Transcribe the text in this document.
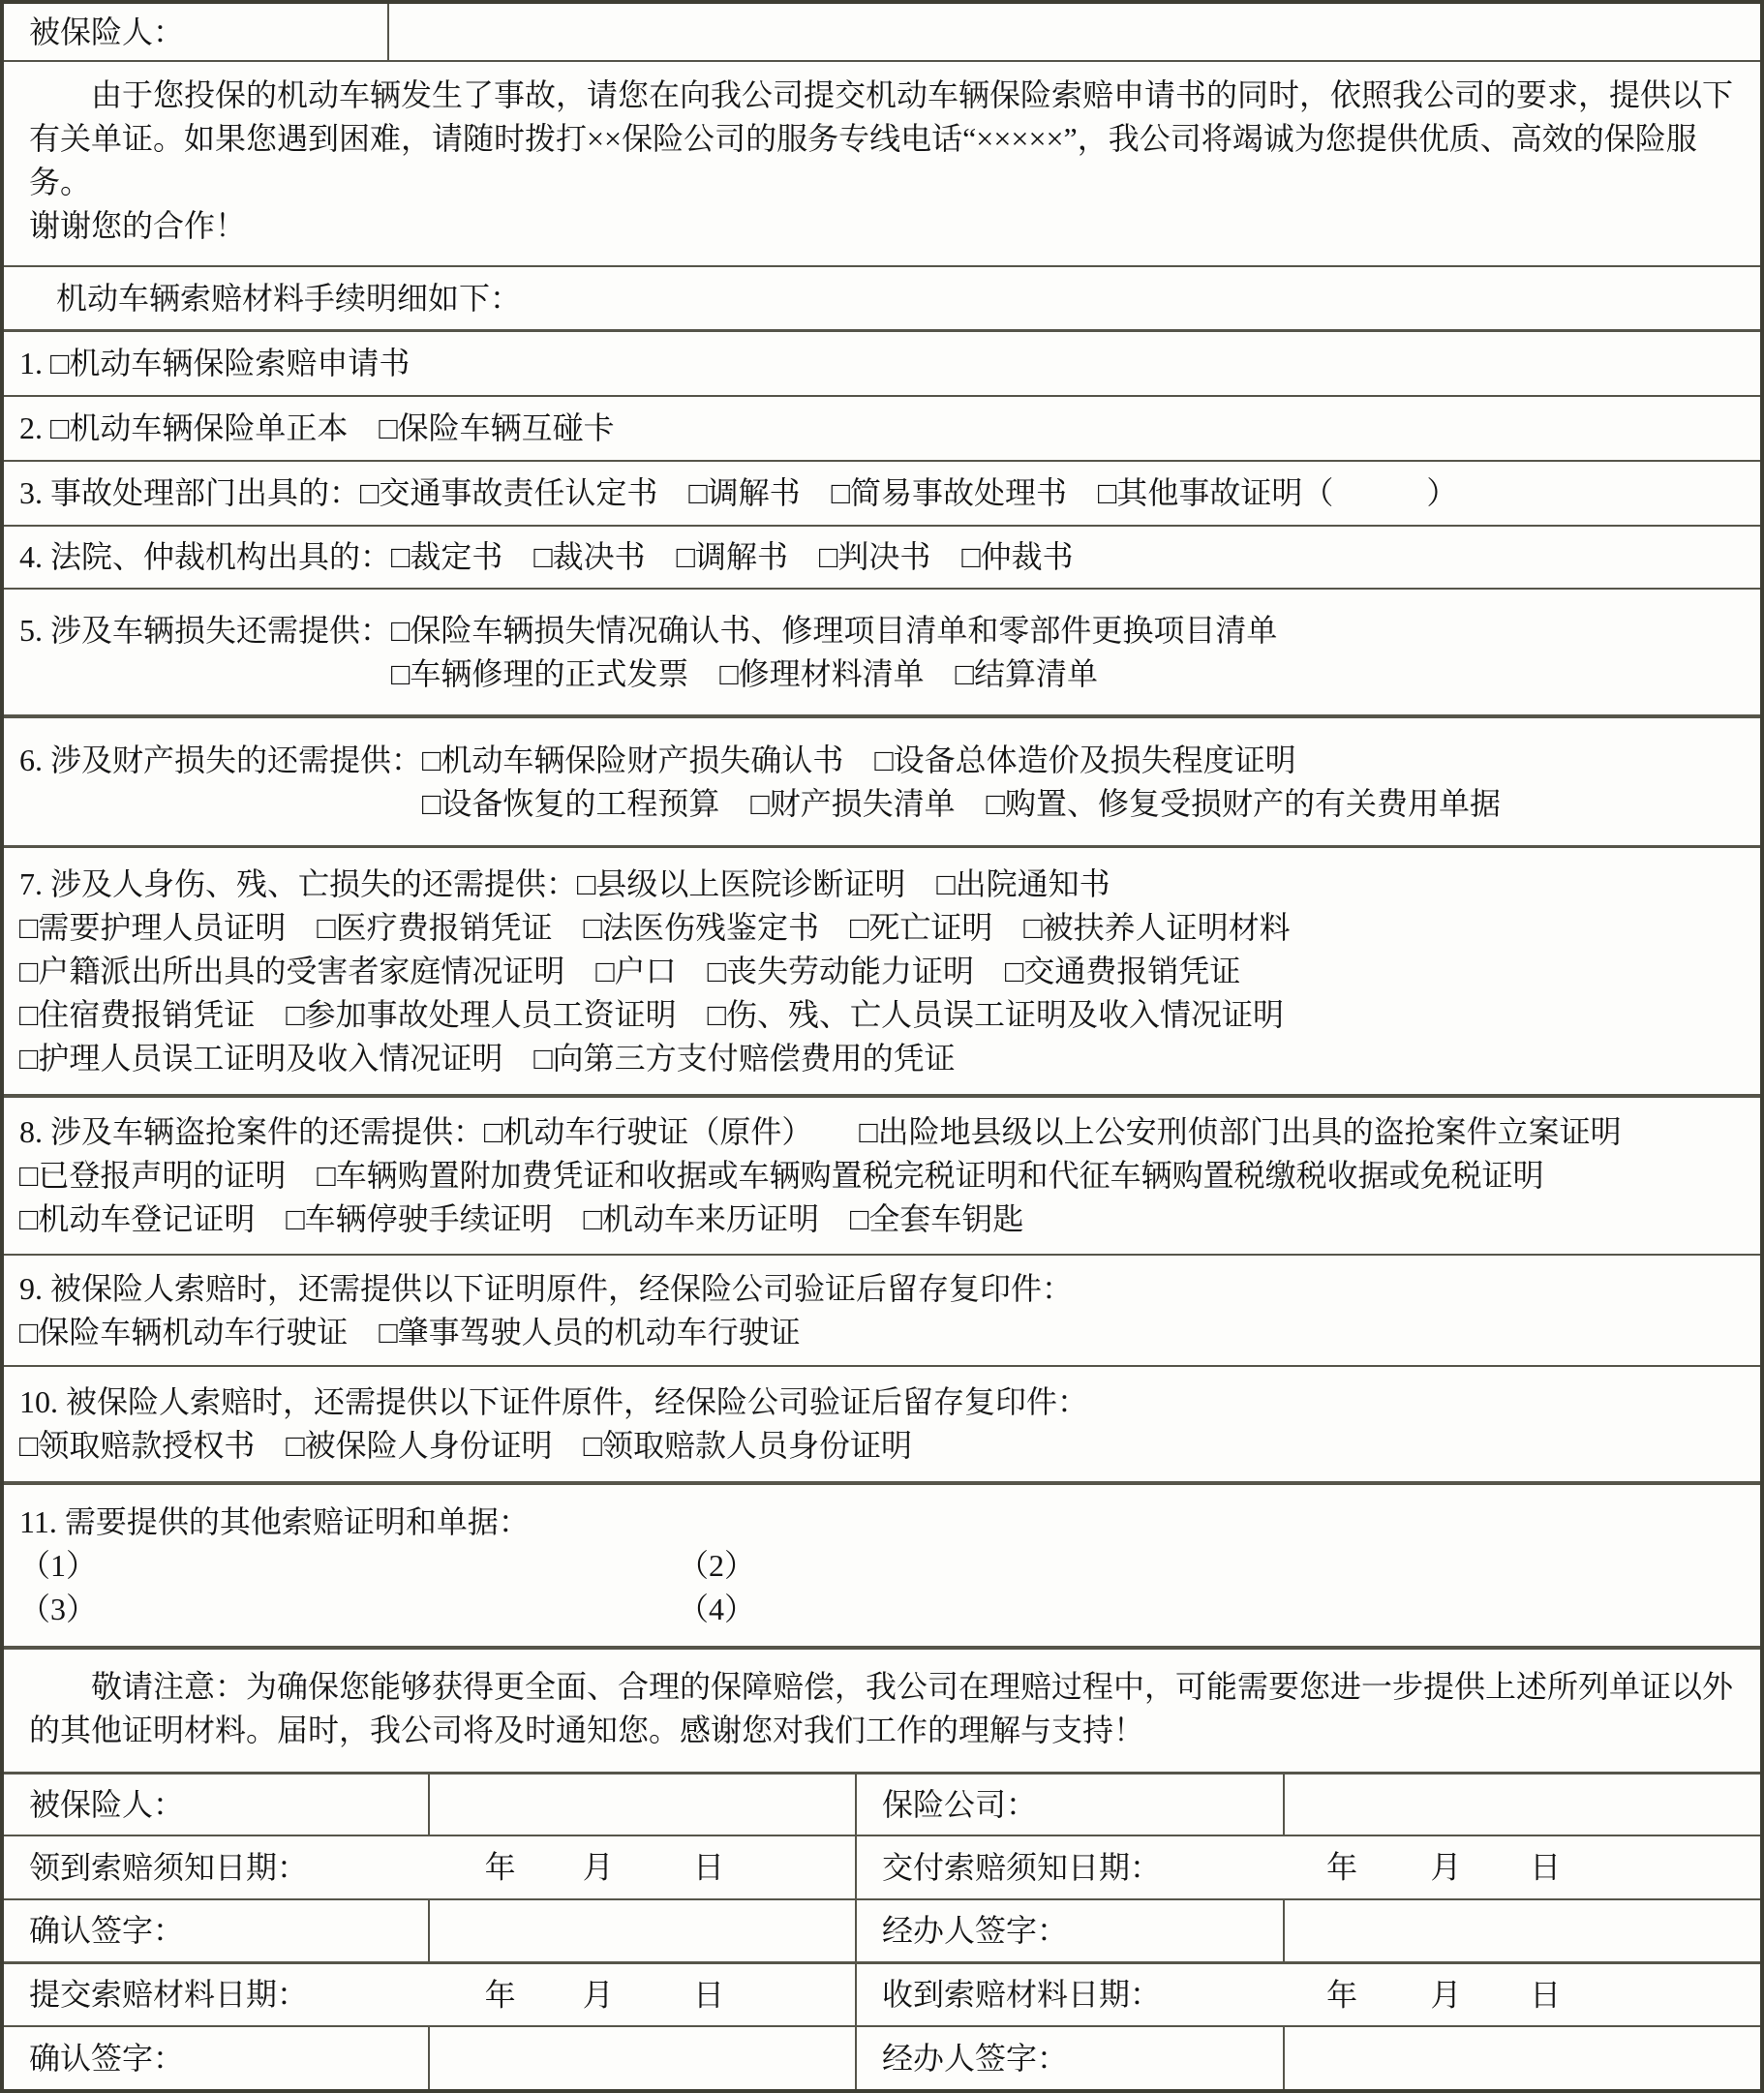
被保险人：

由于您投保的机动车辆发生了事故，请您在向我公司提交机动车辆保险索赔申请书的同时，依照我公司的要求，提供以下有关单证。如果您遇到困难，请随时拨打××保险公司的服务专线电话“×××××”，我公司将竭诚为您提供优质、高效的保险服务。

谢谢您的合作！

机动车辆索赔材料手续明细如下：
1. □机动车辆保险索赔申请书
2. □机动车辆保险单正本　□保险车辆互碰卡
3. 事故处理部门出具的：□交通事故责任认定书　□调解书　□简易事故处理书　□其他事故证明（　　　）
4. 法院、仲裁机构出具的：□裁定书　□裁决书　□调解书　□判决书　□仲裁书
5. 涉及车辆损失还需提供： □保险车辆损失情况确认书、修理项目清单和零部件更换项目清单
□车辆修理的正式发票　□修理材料清单　□结算清单
6. 涉及财产损失的还需提供： □机动车辆保险财产损失确认书　□设备总体造价及损失程度证明
□设备恢复的工程预算　□财产损失清单　□购置、修复受损财产的有关费用单据
7. 涉及人身伤、残、亡损失的还需提供：□县级以上医院诊断证明　□出院通知书
□需要护理人员证明　□医疗费报销凭证　□法医伤残鉴定书　□死亡证明　□被扶养人证明材料
□户籍派出所出具的受害者家庭情况证明　□户口　□丧失劳动能力证明　□交通费报销凭证
□住宿费报销凭证　□参加事故处理人员工资证明　□伤、残、亡人员误工证明及收入情况证明
□护理人员误工证明及收入情况证明　□向第三方支付赔偿费用的凭证
8. 涉及车辆盗抢案件的还需提供：□机动车行驶证（原件）　　□出险地县级以上公安刑侦部门出具的盗抢案件立案证明
□已登报声明的证明　□车辆购置附加费凭证和收据或车辆购置税完税证明和代征车辆购置税缴税收据或免税证明
□机动车登记证明　□车辆停驶手续证明　□机动车来历证明　□全套车钥匙
9. 被保险人索赔时，还需提供以下证明原件，经保险公司验证后留存复印件：
□保险车辆机动车行驶证　□肇事驾驶人员的机动车行驶证
10. 被保险人索赔时，还需提供以下证件原件，经保险公司验证后留存复印件：
□领取赔款授权书　□被保险人身份证明　□领取赔款人员身份证明
11. 需要提供的其他索赔证明和单据：
（1）	（2）
（3）	（4）

敬请注意：为确保您能够获得更全面、合理的保障赔偿，我公司在理赔过程中，可能需要您进一步提供上述所列单证以外的其他证明材料。届时，我公司将及时通知您。感谢您对我们工作的理解与支持！

被保险人：	保险公司：
领到索赔须知日期：	年 月	日	交付索赔须知日期：	年 月 日
确认签字：	经办人签字：
提交索赔材料日期：	年 月	日	收到索赔材料日期：	年 月 日
确认签字：	经办人签字：
